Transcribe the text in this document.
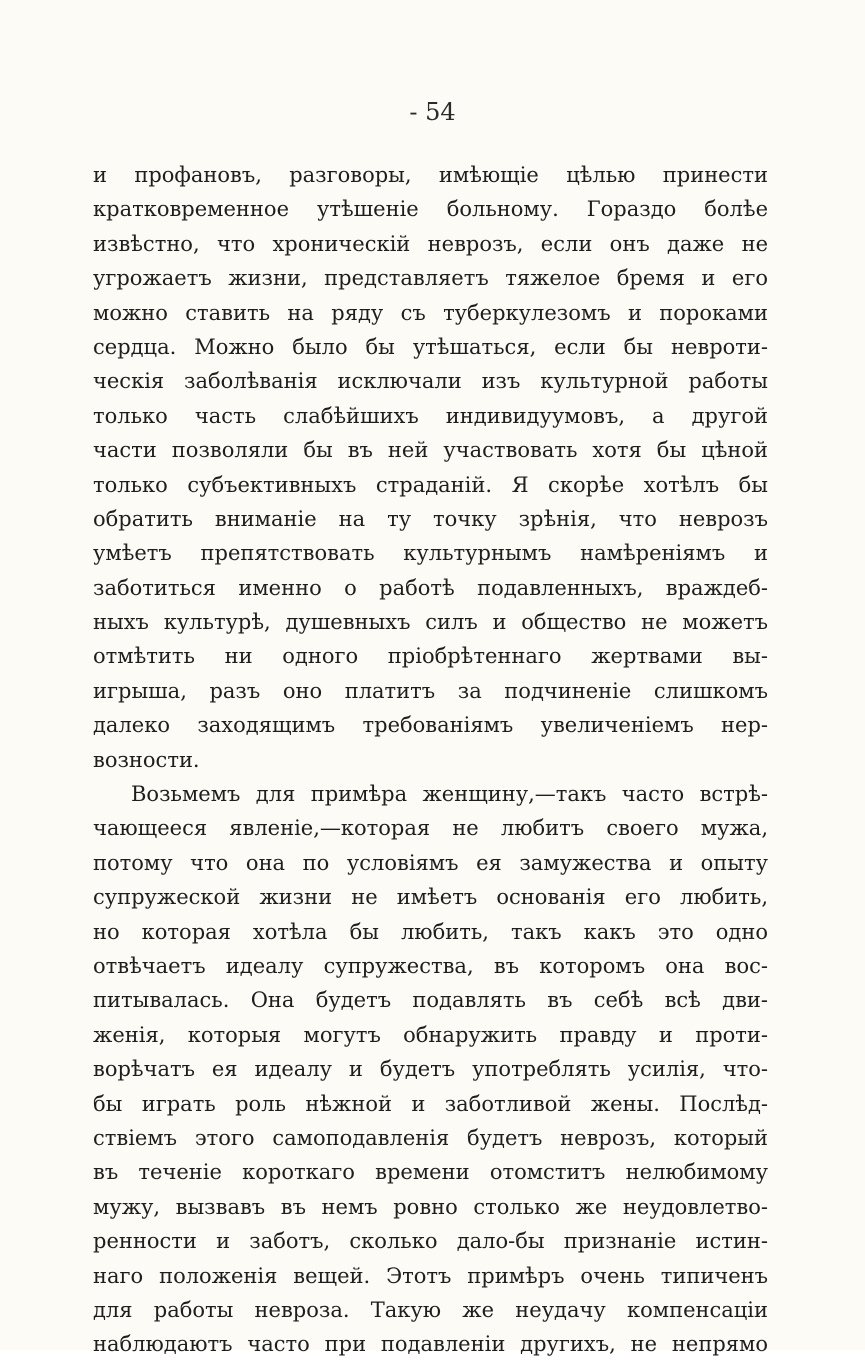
- 54
и профановъ, разговоры, имѣющіе цѣлью принести
кратковременное утѣшеніе больному. Гораздо болѣе
извѣстно, что хроническій неврозъ, если онъ даже не
угрожаетъ жизни, представляетъ тяжелое бремя и его
можно ставить на ряду съ туберкулезомъ и пороками
сердца. Можно было бы утѣшаться, если бы невроти-
ческія заболѣванія исключали изъ культурной работы
только часть слабѣйшихъ индивидуумовъ, а другой
части позволяли бы въ ней участвовать хотя бы цѣной
только субъективныхъ страданій. Я скорѣе хотѣлъ бы
обратить вниманіе на ту точку зрѣнія, что неврозъ
умѣетъ препятствовать культурнымъ намѣреніямъ и
заботиться именно о работѣ подавленныхъ, враждеб-
ныхъ культурѣ, душевныхъ силъ и общество не можетъ
отмѣтить ни одного пріобрѣтеннаго жертвами вы-
игрыша, разъ оно платитъ за подчиненіе слишкомъ
далеко заходящимъ требованіямъ увеличеніемъ нер-
возности.
Возьмемъ для примѣра женщину,—такъ часто встрѣ-
чающееся явленіе,—которая не любитъ своего мужа,
потому что она по условіямъ ея замужества и опыту
супружеской жизни не имѣетъ основанія его любить,
но которая хотѣла бы любить, такъ какъ это одно
отвѣчаетъ идеалу супружества, въ которомъ она вос-
питывалась. Она будетъ подавлять въ себѣ всѣ дви-
женія, которыя могутъ обнаружить правду и проти-
ворѣчатъ ея идеалу и будетъ употреблять усилія, что-
бы играть роль нѣжной и заботливой жены. Послѣд-
ствіемъ этого самоподавленія будетъ неврозъ, который
въ теченіе короткаго времени отомститъ нелюбимому
мужу, вызвавъ въ немъ ровно столько же неудовлетво-
ренности и заботъ, сколько дало-бы признаніе истин-
наго положенія вещей. Этотъ примѣръ очень типиченъ
для работы невроза. Такую же неудачу компенсаціи
наблюдаютъ часто при подавленіи другихъ, не непрямо
